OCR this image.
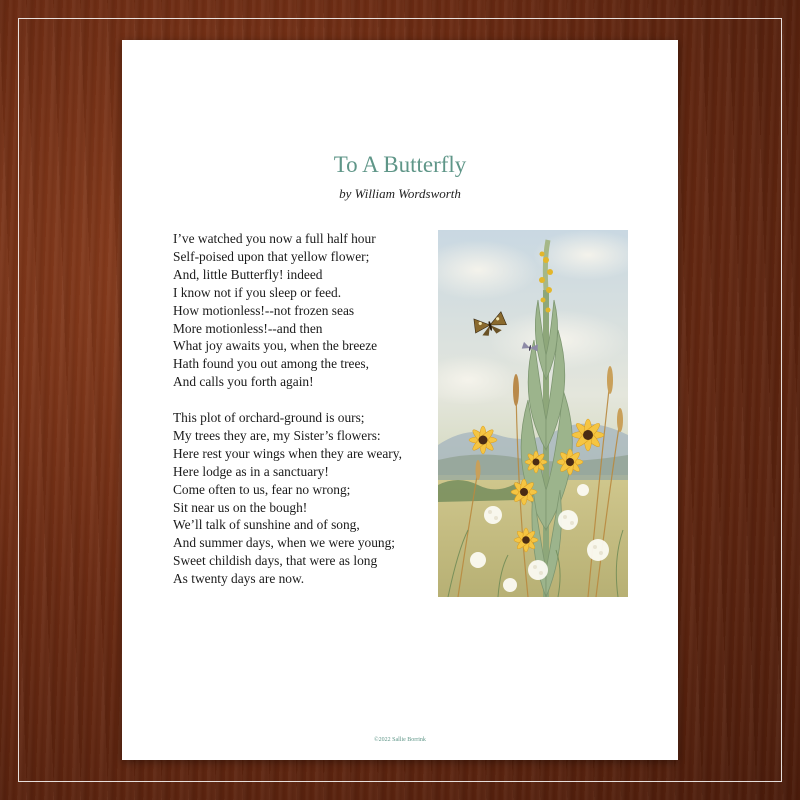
To A Butterfly
by William Wordsworth
I’ve watched you now a full half hour
Self-poised upon that yellow flower;
And, little Butterfly! indeed
I know not if you sleep or feed.
How motionless!--not frozen seas
More motionless!--and then
What joy awaits you, when the breeze
Hath found you out among the trees,
And calls you forth again!
This plot of orchard-ground is ours;
My trees they are, my Sister’s flowers:
Here rest your wings when they are weary,
Here lodge as in a sanctuary!
Come often to us, fear no wrong;
Sit near us on the bough!
We’ll talk of sunshine and of song,
And summer days, when we were young;
Sweet childish days, that were as long
As twenty days are now.
©2022 Sallie Borrink
